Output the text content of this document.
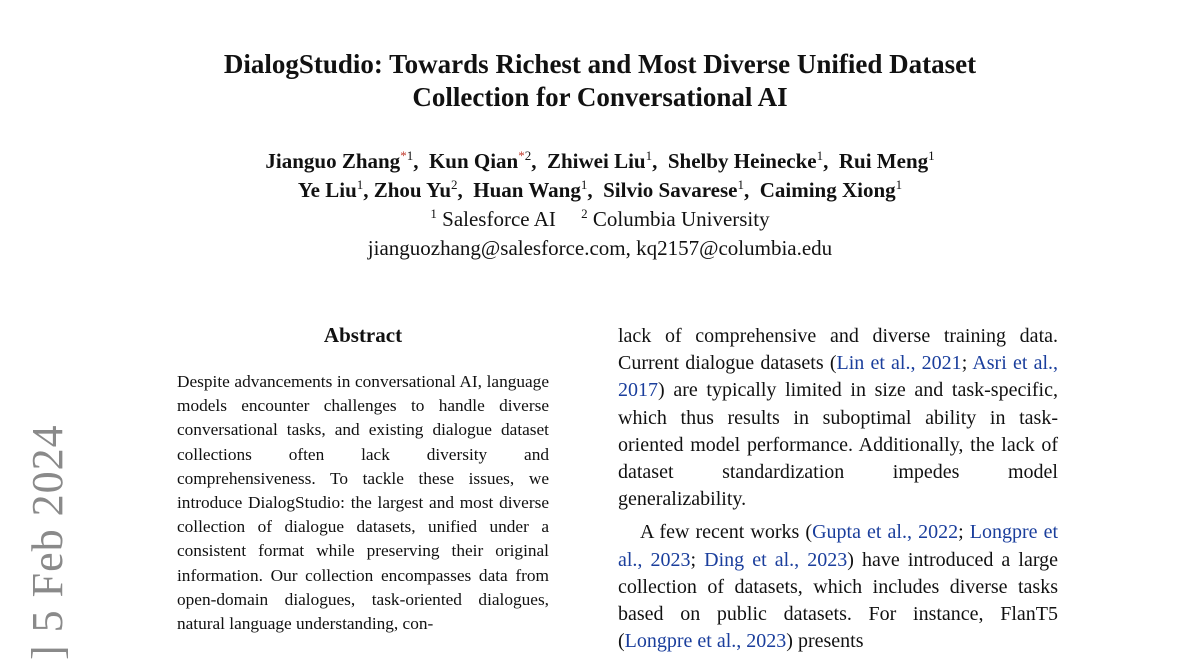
DialogStudio: Towards Richest and Most Diverse Unified Dataset
Collection for Conversational AI
Jianguo Zhang$^{*1}$,  Kun Qian$^{*2}$,  Zhiwei Liu$^1$,  Shelby Heinecke$^1$,  Rui Meng$^1$
Ye Liu$^1$, Zhou Yu$^2$,  Huan Wang$^1$,  Silvio Savarese$^1$,  Caiming Xiong$^1$
$^1$ Salesforce AI $^2$ Columbia University
jianguozhang@salesforce.com, kq2157@columbia.edu
] 5 Feb 2024
Abstract

Despite advancements in conversational AI, language models encounter challenges to handle diverse conversational tasks, and existing dialogue dataset collections often lack diversity and comprehensiveness. To tackle these issues, we introduce DialogStudio: the largest and most diverse collection of dialogue datasets, unified under a consistent format while preserving their original information. Our collection encompasses data from open-domain dialogues, task-oriented dialogues, natural language understanding, con-

lack of comprehensive and diverse training data. Current dialogue datasets (Lin et al., 2021; Asri et al., 2017) are typically limited in size and task-specific, which thus results in suboptimal ability in task-oriented model performance. Additionally, the lack of dataset standardization impedes model generalizability.

A few recent works (Gupta et al., 2022; Longpre et al., 2023; Ding et al., 2023) have introduced a large collection of datasets, which includes diverse tasks based on public datasets. For instance, FlanT5 (Longpre et al., 2023) presents
